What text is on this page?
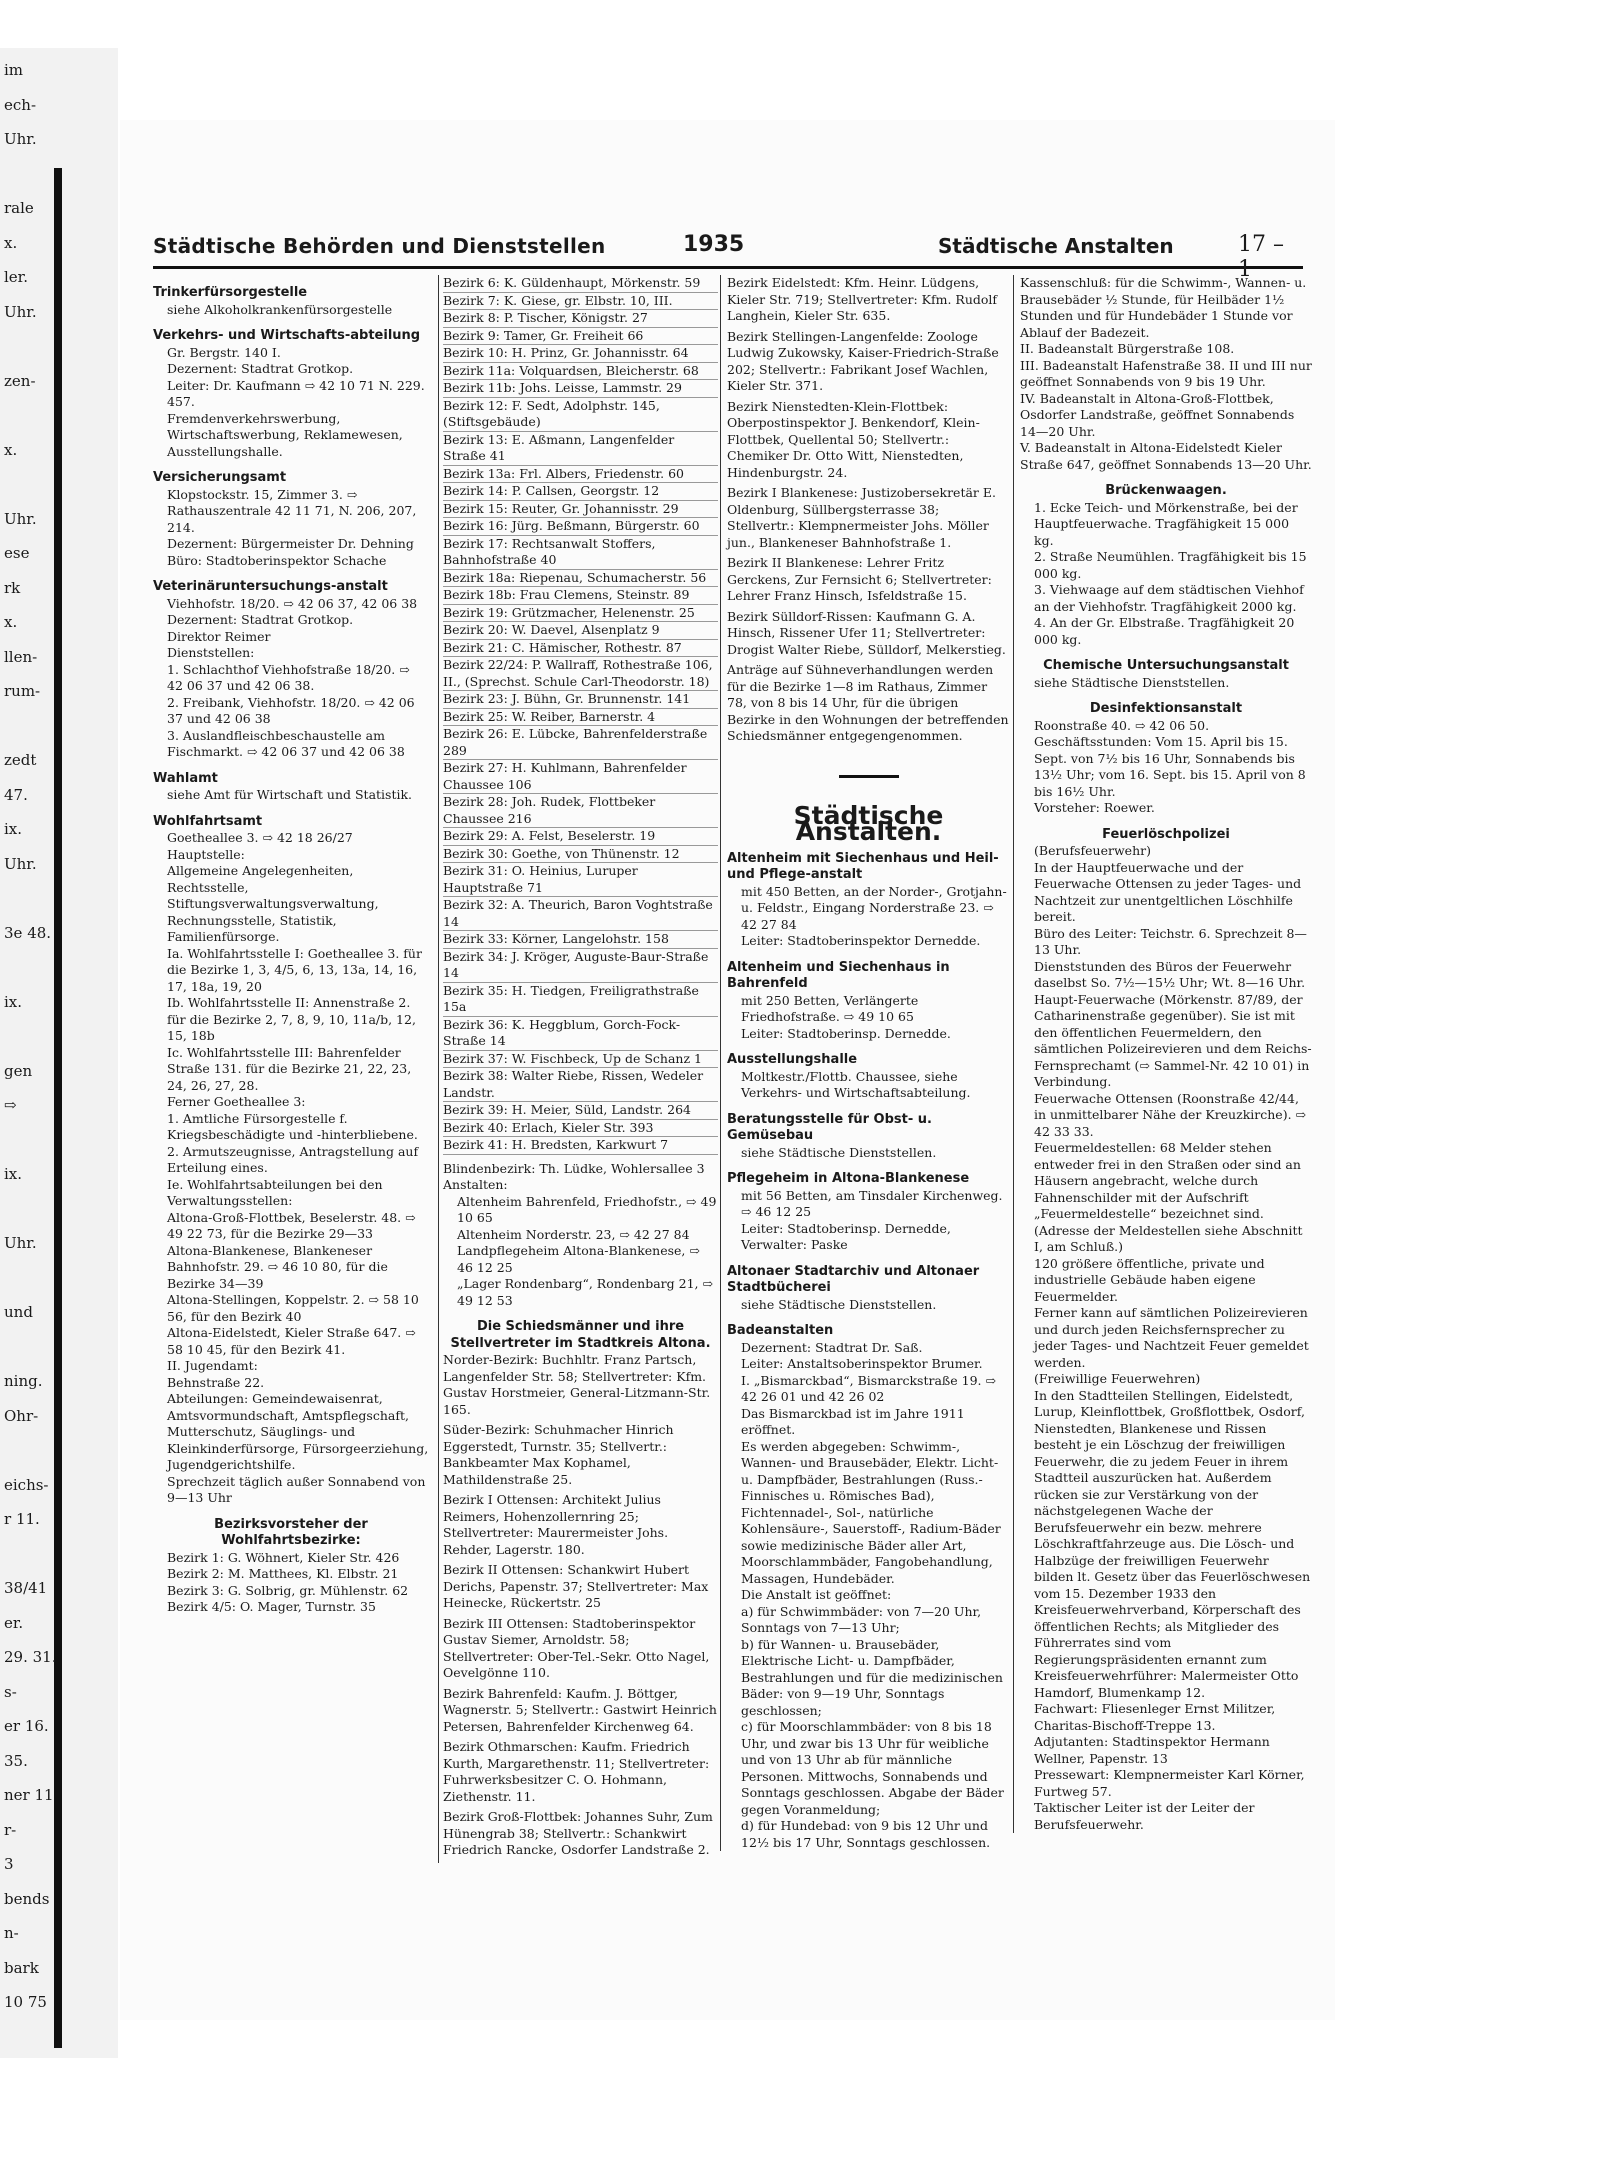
im
ech-
Uhr.
rale
x.
ler.
Uhr.
zen-
x.
Uhr.
ese
rk
x.
llen-
rum-
zedt
47.
ix.
Uhr.
3e 48.
ix.
gen
⇨
ix.
Uhr.
und
ning.
Ohr-
eichs-
r 11.
38/41
er.
29. 31.
s-
er 16.
35.
ner 11
r-
3
bends
n-
bark
10 75
Städtische Behörden und Dienststellen	1935	Städtische Anstalten	17 – 1
Trinkerfürsorgestelle
siehe Alkoholkrankenfürsorgestelle
Verkehrs- und Wirtschafts-abteilung
Gr. Bergstr. 140 I.
Dezernent: Stadtrat Grotkop.
Leiter: Dr. Kaufmann ⇨ 42 10 71 N. 229. 457.
Fremdenverkehrswerbung, Wirtschaftswerbung, Reklamewesen, Ausstellungshalle.
Versicherungsamt
Klopstockstr. 15, Zimmer 3. ⇨ Rathauszentrale 42 11 71, N. 206, 207, 214.
Dezernent: Bürgermeister Dr. Dehning
Büro: Stadtoberinspektor Schache
Veterinäruntersuchungs-anstalt
Viehhofstr. 18/20. ⇨ 42 06 37, 42 06 38
Dezernent: Stadtrat Grotkop.
Direktor Reimer
Dienststellen:
1. Schlachthof Viehhofstraße 18/20. ⇨ 42 06 37 und 42 06 38.
2. Freibank, Viehhofstr. 18/20. ⇨ 42 06 37 und 42 06 38
3. Auslandfleischbeschaustelle am Fischmarkt. ⇨ 42 06 37 und 42 06 38
Wahlamt
siehe Amt für Wirtschaft und Statistik.
Wohlfahrtsamt
Goetheallee 3. ⇨ 42 18 26/27
Hauptstelle:
Allgemeine Angelegenheiten, Rechtsstelle, Stiftungsverwaltungsverwaltung, Rechnungsstelle, Statistik, Familienfürsorge.
Ia. Wohlfahrtsstelle I: Goetheallee 3. für die Bezirke 1, 3, 4/5, 6, 13, 13a, 14, 16, 17, 18a, 19, 20
Ib. Wohlfahrtsstelle II: Annenstraße 2. für die Bezirke 2, 7, 8, 9, 10, 11a/b, 12, 15, 18b
Ic. Wohlfahrtsstelle III: Bahrenfelder Straße 131. für die Bezirke 21, 22, 23, 24, 26, 27, 28.
Ferner Goetheallee 3:
1. Amtliche Fürsorgestelle f. Kriegsbeschädigte und -hinterbliebene.
2. Armutszeugnisse, Antragstellung auf Erteilung eines.
Ie. Wohlfahrtsabteilungen bei den Verwaltungsstellen:
Altona-Groß-Flottbek, Beselerstr. 48. ⇨ 49 22 73, für die Bezirke 29—33
Altona-Blankenese, Blankeneser Bahnhofstr. 29. ⇨ 46 10 80, für die Bezirke 34—39
Altona-Stellingen, Koppelstr. 2. ⇨ 58 10 56, für den Bezirk 40
Altona-Eidelstedt, Kieler Straße 647. ⇨ 58 10 45, für den Bezirk 41.
II. Jugendamt:
Behnstraße 22.
Abteilungen: Gemeindewaisenrat, Amtsvormundschaft, Amtspflegschaft, Mutterschutz, Säuglings- und Kleinkinderfürsorge, Fürsorgeerziehung, Jugendgerichtshilfe.
Sprechzeit täglich außer Sonnabend von 9—13 Uhr
Bezirksvorsteher der Wohlfahrtsbezirke:
Bezirk 1: G. Wöhnert, Kieler Str. 426
Bezirk 2: M. Matthees, Kl. Elbstr. 21
Bezirk 3: G. Solbrig, gr. Mühlenstr. 62
Bezirk 4/5: O. Mager, Turnstr. 35
Bezirk 6: K. Güldenhaupt, Mörkenstr. 59
Bezirk 7: K. Giese, gr. Elbstr. 10, III.
Bezirk 8: P. Tischer, Königstr. 27
Bezirk 9: Tamer, Gr. Freiheit 66
Bezirk 10: H. Prinz, Gr. Johannisstr. 64
Bezirk 11a: Volquardsen, Bleicherstr. 68
Bezirk 11b: Johs. Leisse, Lammstr. 29
Bezirk 12: F. Sedt, Adolphstr. 145, (Stiftsgebäude)
Bezirk 13: E. Aßmann, Langenfelder Straße 41
Bezirk 13a: Frl. Albers, Friedenstr. 60
Bezirk 14: P. Callsen, Georgstr. 12
Bezirk 15: Reuter, Gr. Johannisstr. 29
Bezirk 16: Jürg. Beßmann, Bürgerstr. 60
Bezirk 17: Rechtsanwalt Stoffers, Bahnhofstraße 40
Bezirk 18a: Riepenau, Schumacherstr. 56
Bezirk 18b: Frau Clemens, Steinstr. 89
Bezirk 19: Grützmacher, Helenenstr. 25
Bezirk 20: W. Daevel, Alsenplatz 9
Bezirk 21: C. Hämischer, Rothestr. 87
Bezirk 22/24: P. Wallraff, Rothestraße 106, II., (Sprechst. Schule Carl-Theodorstr. 18)
Bezirk 23: J. Bühn, Gr. Brunnenstr. 141
Bezirk 25: W. Reiber, Barnerstr. 4
Bezirk 26: E. Lübcke, Bahrenfelderstraße 289
Bezirk 27: H. Kuhlmann, Bahrenfelder Chaussee 106
Bezirk 28: Joh. Rudek, Flottbeker Chaussee 216
Bezirk 29: A. Felst, Beselerstr. 19
Bezirk 30: Goethe, von Thünenstr. 12
Bezirk 31: O. Heinius, Luruper Hauptstraße 71
Bezirk 32: A. Theurich, Baron Voghtstraße 14
Bezirk 33: Körner, Langelohstr. 158
Bezirk 34: J. Kröger, Auguste-Baur-Straße 14
Bezirk 35: H. Tiedgen, Freiligrathstraße 15a
Bezirk 36: K. Heggblum, Gorch-Fock-Straße 14
Bezirk 37: W. Fischbeck, Up de Schanz 1
Bezirk 38: Walter Riebe, Rissen, Wedeler Landstr.
Bezirk 39: H. Meier, Süld, Landstr. 264
Bezirk 40: Erlach, Kieler Str. 393
Bezirk 41: H. Bredsten, Karkwurt 7
Blindenbezirk: Th. Lüdke, Wohlersallee 3
Anstalten:
Altenheim Bahrenfeld, Friedhofstr., ⇨ 49 10 65
Altenheim Norderstr. 23, ⇨ 42 27 84
Landpflegeheim Altona-Blankenese, ⇨ 46 12 25
„Lager Rondenbarg“, Rondenbarg 21, ⇨ 49 12 53
Die Schiedsmänner und ihre Stellvertreter im Stadtkreis Altona.
Norder-Bezirk: Buchhltr. Franz Partsch, Langenfelder Str. 58; Stellvertreter: Kfm. Gustav Horstmeier, General-Litzmann-Str. 165.
Süder-Bezirk: Schuhmacher Hinrich Eggerstedt, Turnstr. 35; Stellvertr.: Bankbeamter Max Kophamel, Mathildenstraße 25.
Bezirk I Ottensen: Architekt Julius Reimers, Hohenzollernring 25; Stellvertreter: Maurermeister Johs. Rehder, Lagerstr. 180.
Bezirk II Ottensen: Schankwirt Hubert Derichs, Papenstr. 37; Stellvertreter: Max Heinecke, Rückertstr. 25
Bezirk III Ottensen: Stadtoberinspektor Gustav Siemer, Arnoldstr. 58; Stellvertreter: Ober-Tel.-Sekr. Otto Nagel, Oevelgönne 110.
Bezirk Bahrenfeld: Kaufm. J. Böttger, Wagnerstr. 5; Stellvertr.: Gastwirt Heinrich Petersen, Bahrenfelder Kirchenweg 64.
Bezirk Othmarschen: Kaufm. Friedrich Kurth, Margarethenstr. 11; Stellvertreter: Fuhrwerksbesitzer C. O. Hohmann, Ziethenstr. 11.
Bezirk Groß-Flottbek: Johannes Suhr, Zum Hünengrab 38; Stellvertr.: Schankwirt Friedrich Rancke, Osdorfer Landstraße 2.
Bezirk Eidelstedt: Kfm. Heinr. Lüdgens, Kieler Str. 719; Stellvertreter: Kfm. Rudolf Langhein, Kieler Str. 635.
Bezirk Stellingen-Langenfelde: Zoologe Ludwig Zukowsky, Kaiser-Friedrich-Straße 202; Stellvertr.: Fabrikant Josef Wachlen, Kieler Str. 371.
Bezirk Nienstedten-Klein-Flottbek: Oberpostinspektor J. Benkendorf, Klein-Flottbek, Quellental 50; Stellvertr.: Chemiker Dr. Otto Witt, Nienstedten, Hindenburgstr. 24.
Bezirk I Blankenese: Justizobersekretär E. Oldenburg, Süllbergsterrasse 38; Stellvertr.: Klempnermeister Johs. Möller jun., Blankeneser Bahnhofstraße 1.
Bezirk II Blankenese: Lehrer Fritz Gerckens, Zur Fernsicht 6; Stellvertreter: Lehrer Franz Hinsch, Isfeldstraße 15.
Bezirk Sülldorf-Rissen: Kaufmann G. A. Hinsch, Rissener Ufer 11; Stellvertreter: Drogist Walter Riebe, Sülldorf, Melkerstieg.
Anträge auf Sühneverhandlungen werden für die Bezirke 1—8 im Rathaus, Zimmer 78, von 8 bis 14 Uhr, für die übrigen Bezirke in den Wohnungen der betreffenden Schiedsmänner entgegengenommen.
Städtische Anstalten.
Altenheim mit Siechenhaus und Heil- und Pflege-anstalt
mit 450 Betten, an der Norder-, Grotjahn- u. Feldstr., Eingang Norderstraße 23. ⇨ 42 27 84
Leiter: Stadtoberinspektor Dernedde.
Altenheim und Siechenhaus in Bahrenfeld
mit 250 Betten, Verlängerte Friedhofstraße. ⇨ 49 10 65
Leiter: Stadtoberinsp. Dernedde.
Ausstellungshalle
Moltkestr./Flottb. Chaussee, siehe Verkehrs- und Wirtschaftsabteilung.
Beratungsstelle für Obst- u. Gemüsebau
siehe Städtische Dienststellen.
Pflegeheim in Altona-Blankenese
mit 56 Betten, am Tinsdaler Kirchenweg. ⇨ 46 12 25
Leiter: Stadtoberinsp. Dernedde, Verwalter: Paske
Altonaer Stadtarchiv und Altonaer Stadtbücherei
siehe Städtische Dienststellen.
Badeanstalten
Dezernent: Stadtrat Dr. Saß.
Leiter: Anstaltsoberinspektor Brumer.
I. „Bismarckbad“, Bismarckstraße 19. ⇨ 42 26 01 und 42 26 02
Das Bismarckbad ist im Jahre 1911 eröffnet.
Es werden abgegeben: Schwimm-, Wannen- und Brausebäder, Elektr. Licht- u. Dampfbäder, Bestrahlungen (Russ.-Finnisches u. Römisches Bad), Fichtennadel-, Sol-, natürliche Kohlensäure-, Sauerstoff-, Radium-Bäder sowie medizinische Bäder aller Art, Moorschlammbäder, Fangobehandlung, Massagen, Hundebäder.
Die Anstalt ist geöffnet:
a) für Schwimmbäder: von 7—20 Uhr, Sonntags von 7—13 Uhr;
b) für Wannen- u. Brausebäder, Elektrische Licht- u. Dampfbäder, Bestrahlungen und für die medizinischen Bäder: von 9—19 Uhr, Sonntags geschlossen;
c) für Moorschlammbäder: von 8 bis 18 Uhr, und zwar bis 13 Uhr für weibliche und von 13 Uhr ab für männliche Personen. Mittwochs, Sonnabends und Sonntags geschlossen. Abgabe der Bäder gegen Voranmeldung;
d) für Hundebad: von 9 bis 12 Uhr und 12½ bis 17 Uhr, Sonntags geschlossen.
Kassenschluß: für die Schwimm-, Wannen- u. Brausebäder ½ Stunde, für Heilbäder 1½ Stunden und für Hundebäder 1 Stunde vor Ablauf der Badezeit.
II. Badeanstalt Bürgerstraße 108.
III. Badeanstalt Hafenstraße 38. II und III nur geöffnet Sonnabends von 9 bis 19 Uhr.
IV. Badeanstalt in Altona-Groß-Flottbek, Osdorfer Landstraße, geöffnet Sonnabends 14—20 Uhr.
V. Badeanstalt in Altona-Eidelstedt Kieler Straße 647, geöffnet Sonnabends 13—20 Uhr.
Brückenwaagen.
1. Ecke Teich- und Mörkenstraße, bei der Hauptfeuerwache. Tragfähigkeit 15 000 kg.
2. Straße Neumühlen. Tragfähigkeit bis 15 000 kg.
3. Viehwaage auf dem städtischen Viehhof an der Viehhofstr. Tragfähigkeit 2000 kg.
4. An der Gr. Elbstraße. Tragfähigkeit 20 000 kg.
Chemische Untersuchungsanstalt
siehe Städtische Dienststellen.
Desinfektionsanstalt
Roonstraße 40. ⇨ 42 06 50.
Geschäftsstunden: Vom 15. April bis 15. Sept. von 7½ bis 16 Uhr, Sonnabends bis 13½ Uhr; vom 16. Sept. bis 15. April von 8 bis 16½ Uhr.
Vorsteher: Roewer.
Feuerlöschpolizei
(Berufsfeuerwehr)
In der Hauptfeuerwache und der Feuerwache Ottensen zu jeder Tages- und Nachtzeit zur unentgeltlichen Löschhilfe bereit.
Büro des Leiter: Teichstr. 6. Sprechzeit 8—13 Uhr.
Dienststunden des Büros der Feuerwehr daselbst So. 7½—15½ Uhr; Wt. 8—16 Uhr.
Haupt-Feuerwache (Mörkenstr. 87/89, der Catharinenstraße gegenüber). Sie ist mit den öffentlichen Feuermeldern, den sämtlichen Polizeirevieren und dem Reichs-Fernsprechamt (⇨ Sammel-Nr. 42 10 01) in Verbindung.
Feuerwache Ottensen (Roonstraße 42/44, in unmittelbarer Nähe der Kreuzkirche). ⇨ 42 33 33.
Feuermeldestellen: 68 Melder stehen entweder frei in den Straßen oder sind an Häusern angebracht, welche durch Fahnenschilder mit der Aufschrift „Feuermeldestelle“ bezeichnet sind. (Adresse der Meldestellen siehe Abschnitt I, am Schluß.)
120 größere öffentliche, private und industrielle Gebäude haben eigene Feuermelder.
Ferner kann auf sämtlichen Polizeirevieren und durch jeden Reichsfernsprecher zu jeder Tages- und Nachtzeit Feuer gemeldet werden.
(Freiwillige Feuerwehren)
In den Stadtteilen Stellingen, Eidelstedt, Lurup, Kleinflottbek, Großflottbek, Osdorf, Nienstedten, Blankenese und Rissen besteht je ein Löschzug der freiwilligen Feuerwehr, die zu jedem Feuer in ihrem Stadtteil auszurücken hat. Außerdem rücken sie zur Verstärkung von der nächstgelegenen Wache der Berufsfeuerwehr ein bezw. mehrere Löschkraftfahrzeuge aus. Die Lösch- und Halbzüge der freiwilligen Feuerwehr bilden lt. Gesetz über das Feuerlöschwesen vom 15. Dezember 1933 den Kreisfeuerwehrverband, Körperschaft des öffentlichen Rechts; als Mitglieder des Führerrates sind vom Regierungspräsidenten ernannt zum
Kreisfeuerwehrführer: Malermeister Otto Hamdorf, Blumenkamp 12.
Fachwart: Fliesenleger Ernst Militzer, Charitas-Bischoff-Treppe 13.
Adjutanten: Stadtinspektor Hermann Wellner, Papenstr. 13
Pressewart: Klempnermeister Karl Körner, Furtweg 57.
Taktischer Leiter ist der Leiter der Berufsfeuerwehr.
